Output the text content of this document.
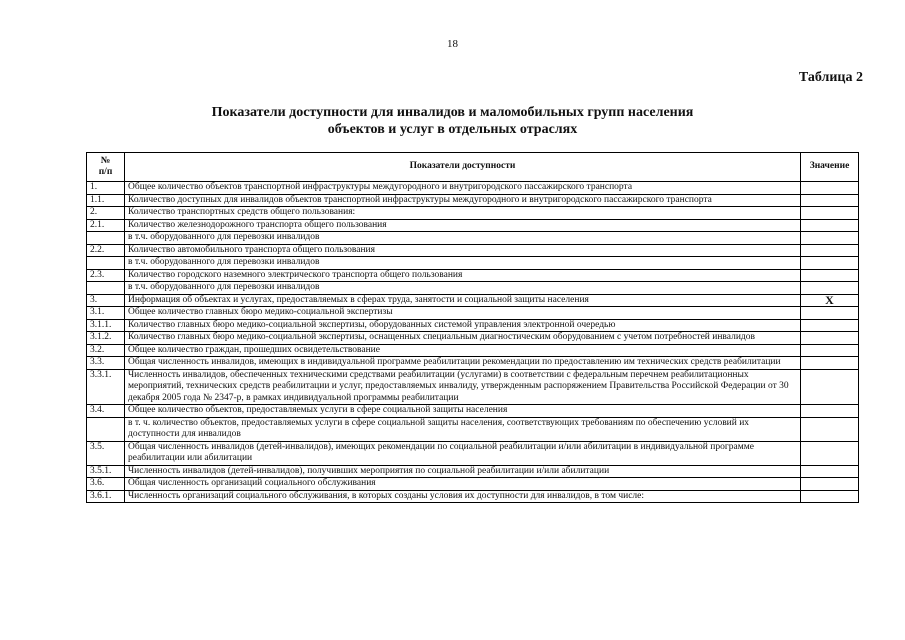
18
Таблица 2
Показатели доступности для инвалидов и маломобильных групп населения
объектов и услуг в отдельных отраслях
№
п/п	Показатели доступности	Значение
1.	Общее количество объектов транспортной инфраструктуры междугородного и внутригородского пассажирского транспорта	
1.1.	Количество доступных для инвалидов объектов транспортной инфраструктуры междугородного и внутригородского пассажирского транспорта	
2.	Количество транспортных средств общего пользования:	
2.1.	Количество железнодорожного транспорта общего пользования	
	в т.ч. оборудованного для перевозки инвалидов	
2.2.	Количество автомобильного транспорта общего пользования	
	в т.ч. оборудованного для перевозки инвалидов	
2.3.	Количество городского наземного электрического транспорта общего пользования	
	в т.ч. оборудованного для перевозки инвалидов	
3.	Информация об объектах и услугах, предоставляемых в сферах труда, занятости и социальной защиты населения	X
3.1.	Общее количество главных бюро медико-социальной экспертизы	
3.1.1.	Количество главных бюро медико-социальной экспертизы, оборудованных системой управления электронной очередью	
3.1.2.	Количество главных бюро медико-социальной экспертизы, оснащенных специальным диагностическим оборудованием с учетом потребностей инвалидов	
3.2.	Общее количество граждан, прошедших освидетельствование	
3.3.	Общая численность инвалидов, имеющих в индивидуальной программе реабилитации рекомендации по предоставлению им технических средств реабилитации	
3.3.1.	Численность инвалидов, обеспеченных техническими средствами реабилитации (услугами) в соответствии с федеральным перечнем реабилитационных мероприятий, технических средств реабилитации и услуг, предоставляемых инвалиду, утвержденным распоряжением Правительства Российской Федерации от 30 декабря 2005 года № 2347-р, в рамках индивидуальной программы реабилитации	
3.4.	Общее количество объектов, предоставляемых услуги в сфере социальной защиты населения	
	в т. ч. количество объектов, предоставляемых услуги в сфере социальной защиты населения, соответствующих требованиям по обеспечению условий их доступности для инвалидов	
3.5.	Общая численность инвалидов (детей-инвалидов), имеющих рекомендации по социальной реабилитации и/или абилитации в индивидуальной программе реабилитации или абилитации	
3.5.1.	Численность инвалидов (детей-инвалидов), получивших мероприятия по социальной реабилитации и/или абилитации	
3.6.	Общая численность организаций социального обслуживания	
3.6.1.	Численность организаций социального обслуживания, в которых созданы условия их доступности для инвалидов, в том числе:	
